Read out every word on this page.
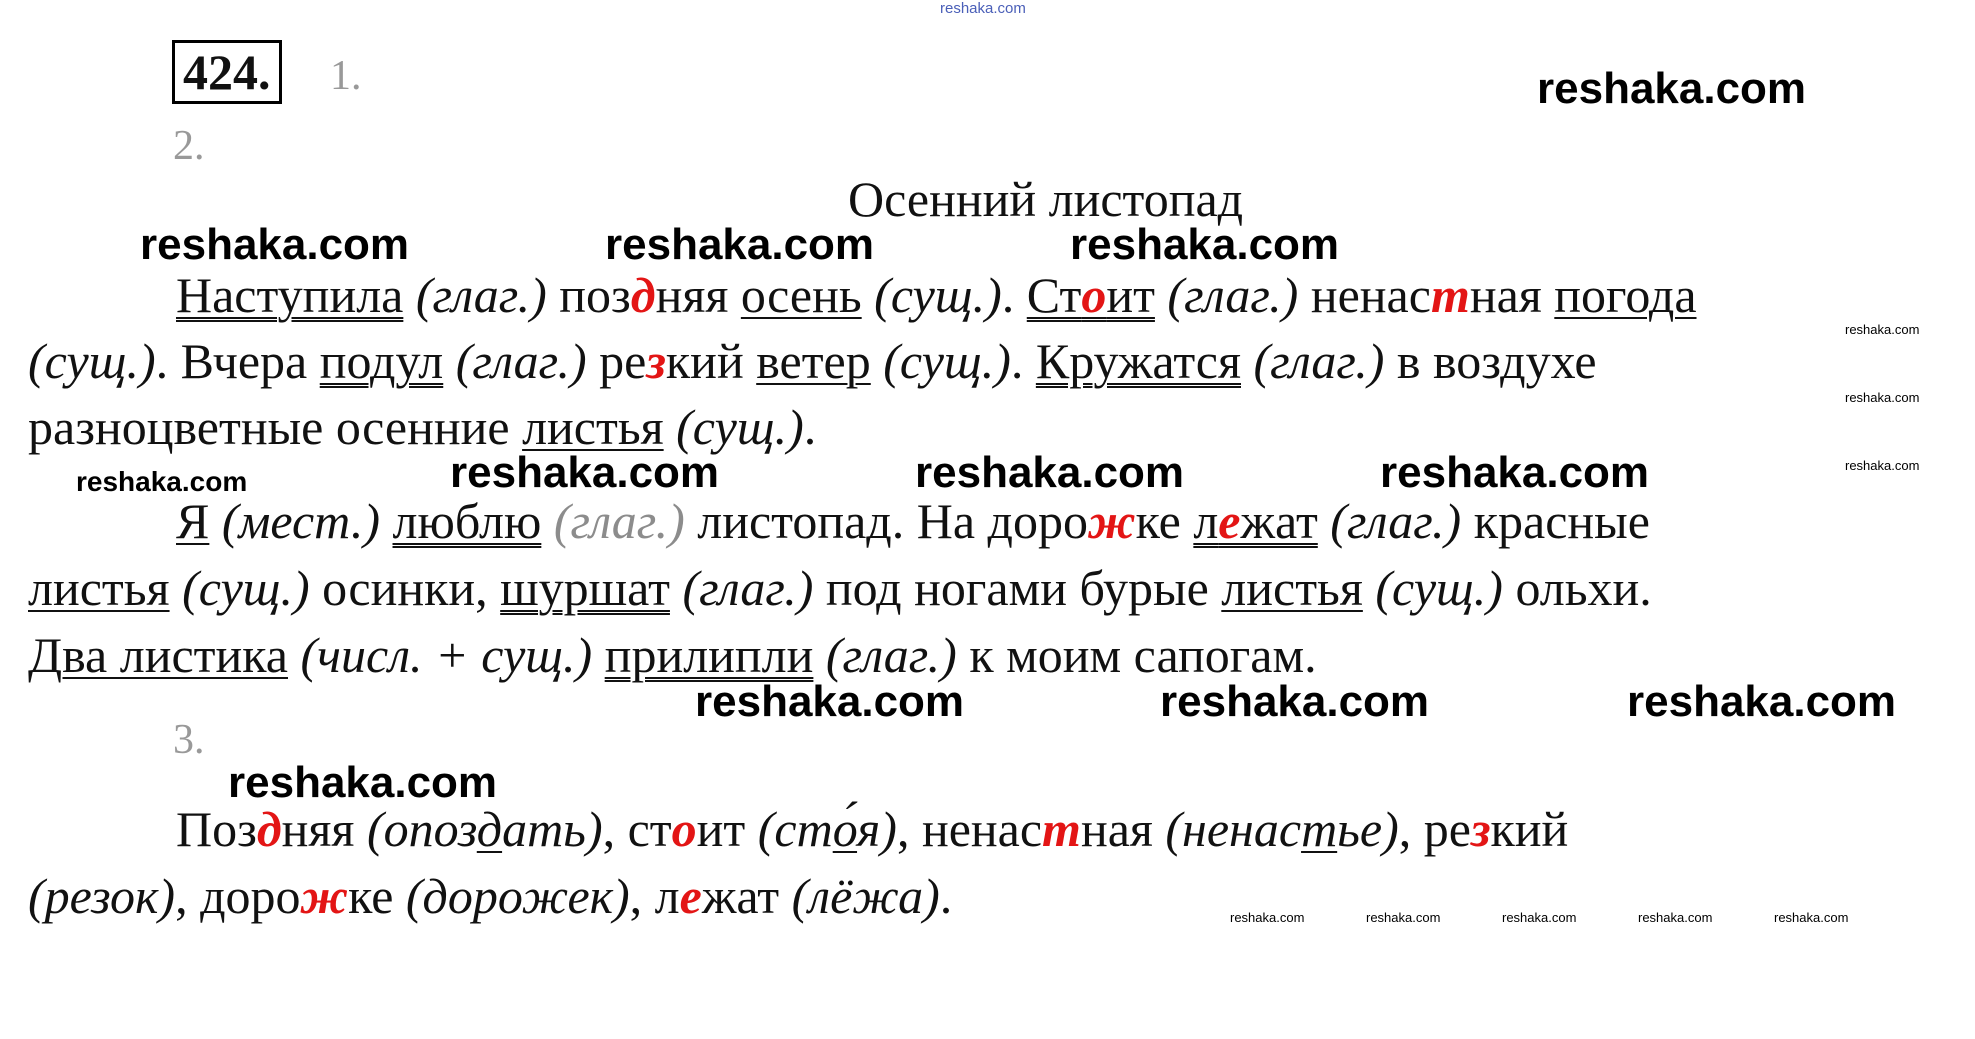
reshaka.com
424. 1.
2.
reshaka.com
reshaka.com	reshaka.com	reshaka.com
Осенний листопад
Наступила (глаг.) поздняя осень (сущ.). Стоит (глаг.) ненастная погода
reshaka.com
(сущ.). Вчера подул (глаг.) резкий ветер (сущ.). Кружатся (глаг.) в воздухе
reshaka.com
разноцветные осенние листья (сущ.).
reshaka.com
reshaka.com	reshaka.com	reshaka.com	reshaka.com
Я (мест.) люблю (глаг.) листопад. На дорожке лежат (глаг.) красные
листья (сущ.) осинки, шуршат (глаг.) под ногами бурые листья (сущ.) ольхи.
Два листика (числ. + сущ.) прилипли (глаг.) к моим сапогам.
reshaka.com	reshaka.com	reshaka.com
3.
reshaka.com
Поздняя (опоздать), стоит (сто́я), ненастная (ненастье), резкий
(резок), дорожке (дорожек), лежат (лёжа).	reshaka.com	reshaka.com	reshaka.com	reshaka.com	reshaka.com
